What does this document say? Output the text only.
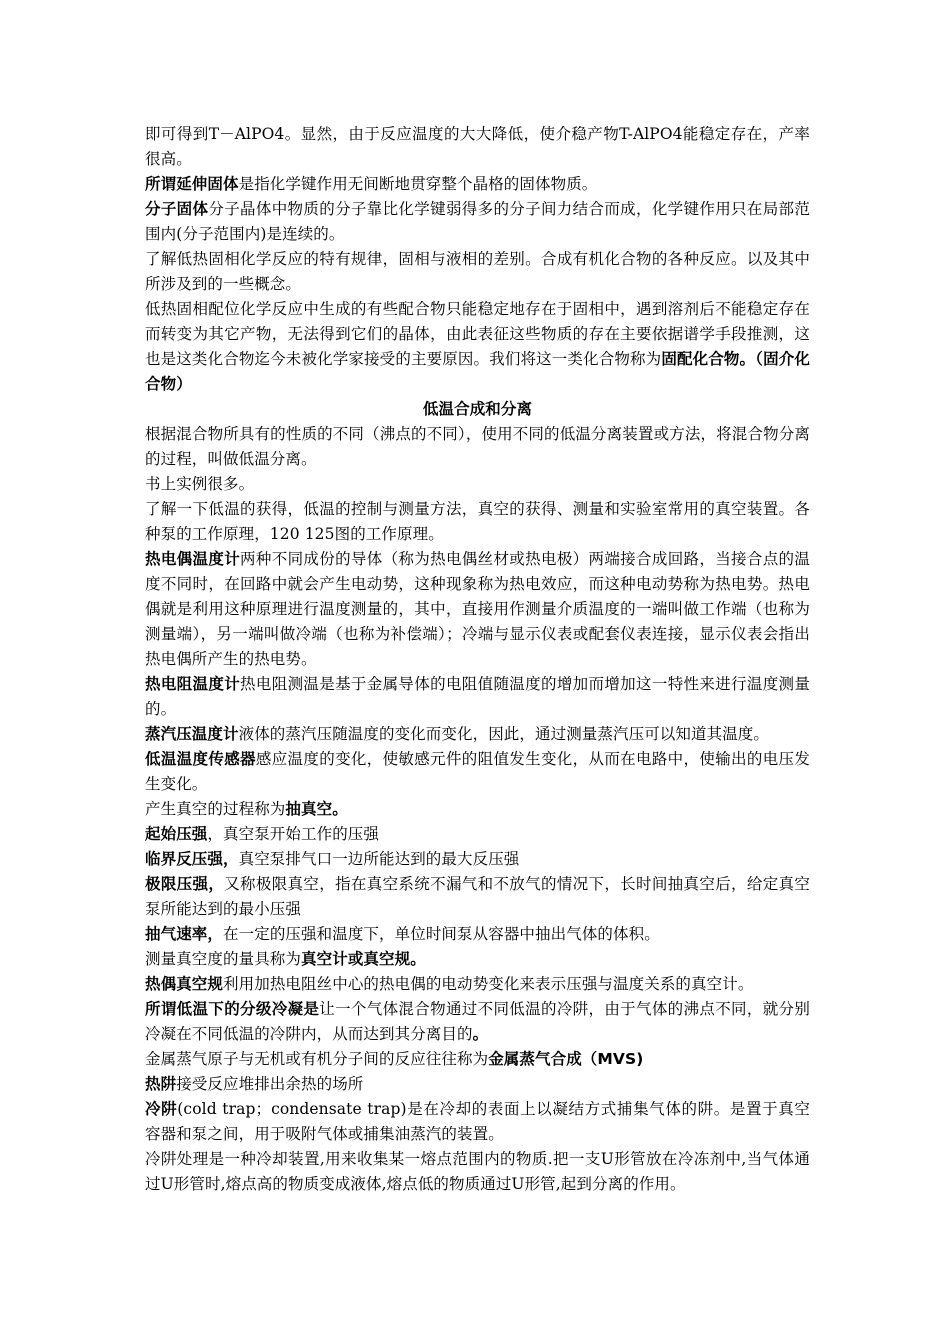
即可得到T－AlPO4。显然，由于反应温度的大大降低，使介稳产物T-AlPO4能稳定存在，产率很高。

所谓延伸固体是指化学键作用无间断地贯穿整个晶格的固体物质。

分子固体分子晶体中物质的分子靠比化学键弱得多的分子间力结合而成，化学键作用只在局部范围内(分子范围内)是连续的。

了解低热固相化学反应的特有规律，固相与液相的差别。合成有机化合物的各种反应。以及其中所涉及到的一些概念。

低热固相配位化学反应中生成的有些配合物只能稳定地存在于固相中，遇到溶剂后不能稳定存在而转变为其它产物，无法得到它们的晶体，由此表征这些物质的存在主要依据谱学手段推测，这也是这类化合物迄今未被化学家接受的主要原因。我们将这一类化合物称为固配化合物。（固介化合物）

低温合成和分离

根据混合物所具有的性质的不同（沸点的不同），使用不同的低温分离装置或方法，将混合物分离的过程，叫做低温分离。

书上实例很多。

了解一下低温的获得，低温的控制与测量方法，真空的获得、测量和实验室常用的真空装置。各种泵的工作原理，120 125图的工作原理。

热电偶温度计两种不同成份的导体（称为热电偶丝材或热电极）两端接合成回路，当接合点的温度不同时，在回路中就会产生电动势，这种现象称为热电效应，而这种电动势称为热电势。热电偶就是利用这种原理进行温度测量的，其中，直接用作测量介质温度的一端叫做工作端（也称为测量端），另一端叫做冷端（也称为补偿端）；冷端与显示仪表或配套仪表连接，显示仪表会指出热电偶所产生的热电势。

热电阻温度计热电阻测温是基于金属导体的电阻值随温度的增加而增加这一特性来进行温度测量的。

蒸汽压温度计液体的蒸汽压随温度的变化而变化，因此，通过测量蒸汽压可以知道其温度。

低温温度传感器感应温度的变化，使敏感元件的阻值发生变化，从而在电路中，使输出的电压发生变化。

产生真空的过程称为抽真空。

起始压强，真空泵开始工作的压强

临界反压强，真空泵排气口一边所能达到的最大反压强

极限压强，又称极限真空，指在真空系统不漏气和不放气的情况下，长时间抽真空后，给定真空泵所能达到的最小压强

抽气速率，在一定的压强和温度下，单位时间泵从容器中抽出气体的体积。

测量真空度的量具称为真空计或真空规。

热偶真空规利用加热电阻丝中心的热电偶的电动势变化来表示压强与温度关系的真空计。

所谓低温下的分级冷凝是让一个气体混合物通过不同低温的冷阱，由于气体的沸点不同，就分别冷凝在不同低温的冷阱内，从而达到其分离目的。

金属蒸气原子与无机或有机分子间的反应往往称为金属蒸气合成（MVS)

热阱接受反应堆排出余热的场所

冷阱(cold trap；condensate trap)是在冷却的表面上以凝结方式捕集气体的阱。是置于真空容器和泵之间，用于吸附气体或捕集油蒸汽的装置。

冷阱处理是一种冷却装置,用来收集某一熔点范围内的物质.把一支U形管放在冷冻剂中,当气体通过U形管时,熔点高的物质变成液体,熔点低的物质通过U形管,起到分离的作用。
